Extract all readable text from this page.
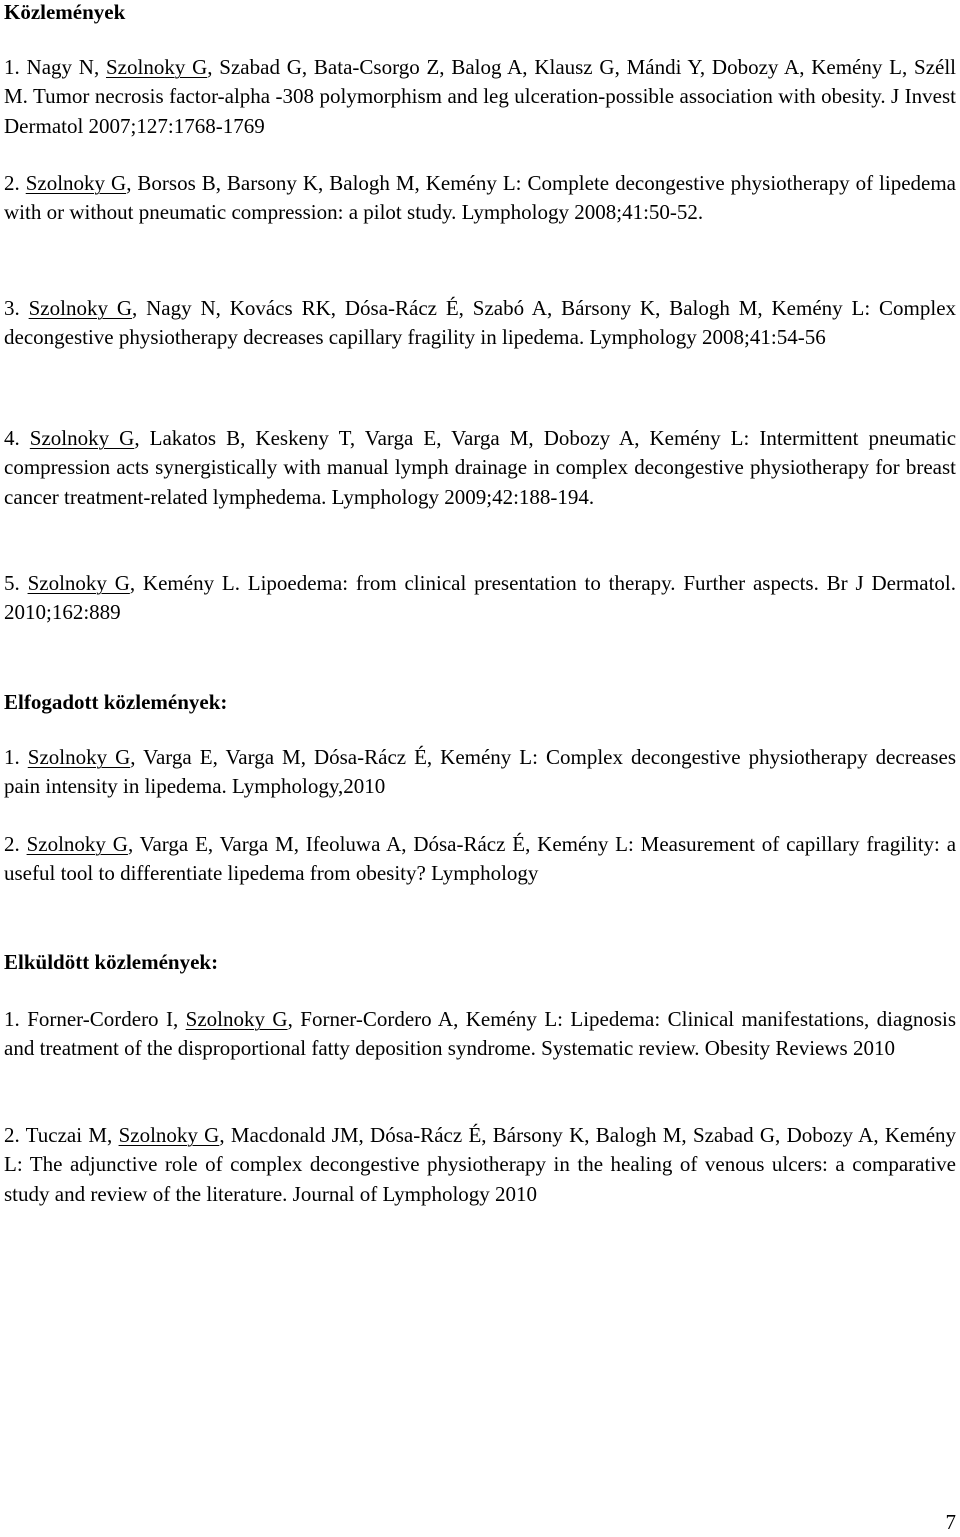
Közlemények

1. Nagy N, Szolnoky G, Szabad G, Bata-Csorgo Z, Balog A, Klausz G, Mándi Y, Dobozy A, Kemény L, Széll M. Tumor necrosis factor-alpha -308 polymorphism and leg ulceration-possible association with obesity. J Invest Dermatol 2007;127:1768-1769

2. Szolnoky G, Borsos B, Barsony K, Balogh M, Kemény L: Complete decongestive physiotherapy of lipedema with or without pneumatic compression: a pilot study. Lymphology 2008;41:50-52.

3. Szolnoky G, Nagy N, Kovács RK, Dósa-Rácz É, Szabó A, Bársony K, Balogh M, Kemény L: Complex decongestive physiotherapy decreases capillary fragility in lipedema. Lymphology 2008;41:54-56

4. Szolnoky G, Lakatos B, Keskeny T, Varga E, Varga M, Dobozy A, Kemény L: Intermittent pneumatic compression acts synergistically with manual lymph drainage in complex decongestive physiotherapy for breast cancer treatment-related lymphedema. Lymphology 2009;42:188-194.

5. Szolnoky G, Kemény L. Lipoedema: from clinical presentation to therapy. Further aspects. Br J Dermatol. 2010;162:889

Elfogadott közlemények:

1. Szolnoky G, Varga E, Varga M, Dósa-Rácz É, Kemény L: Complex decongestive physiotherapy decreases pain intensity in lipedema. Lymphology,2010

2. Szolnoky G, Varga E, Varga M, Ifeoluwa A, Dósa-Rácz É, Kemény L: Measurement of capillary fragility: a useful tool to differentiate lipedema from obesity? Lymphology

Elküldött közlemények:

1. Forner-Cordero I, Szolnoky G, Forner-Cordero A, Kemény L: Lipedema: Clinical manifestations, diagnosis and treatment of the disproportional fatty deposition syndrome. Systematic review. Obesity Reviews 2010

2. Tuczai M, Szolnoky G, Macdonald JM, Dósa-Rácz É, Bársony K, Balogh M, Szabad G, Dobozy A, Kemény L: The adjunctive role of complex decongestive physiotherapy in the healing of venous ulcers: a comparative study and review of the literature. Journal of Lymphology 2010

7
